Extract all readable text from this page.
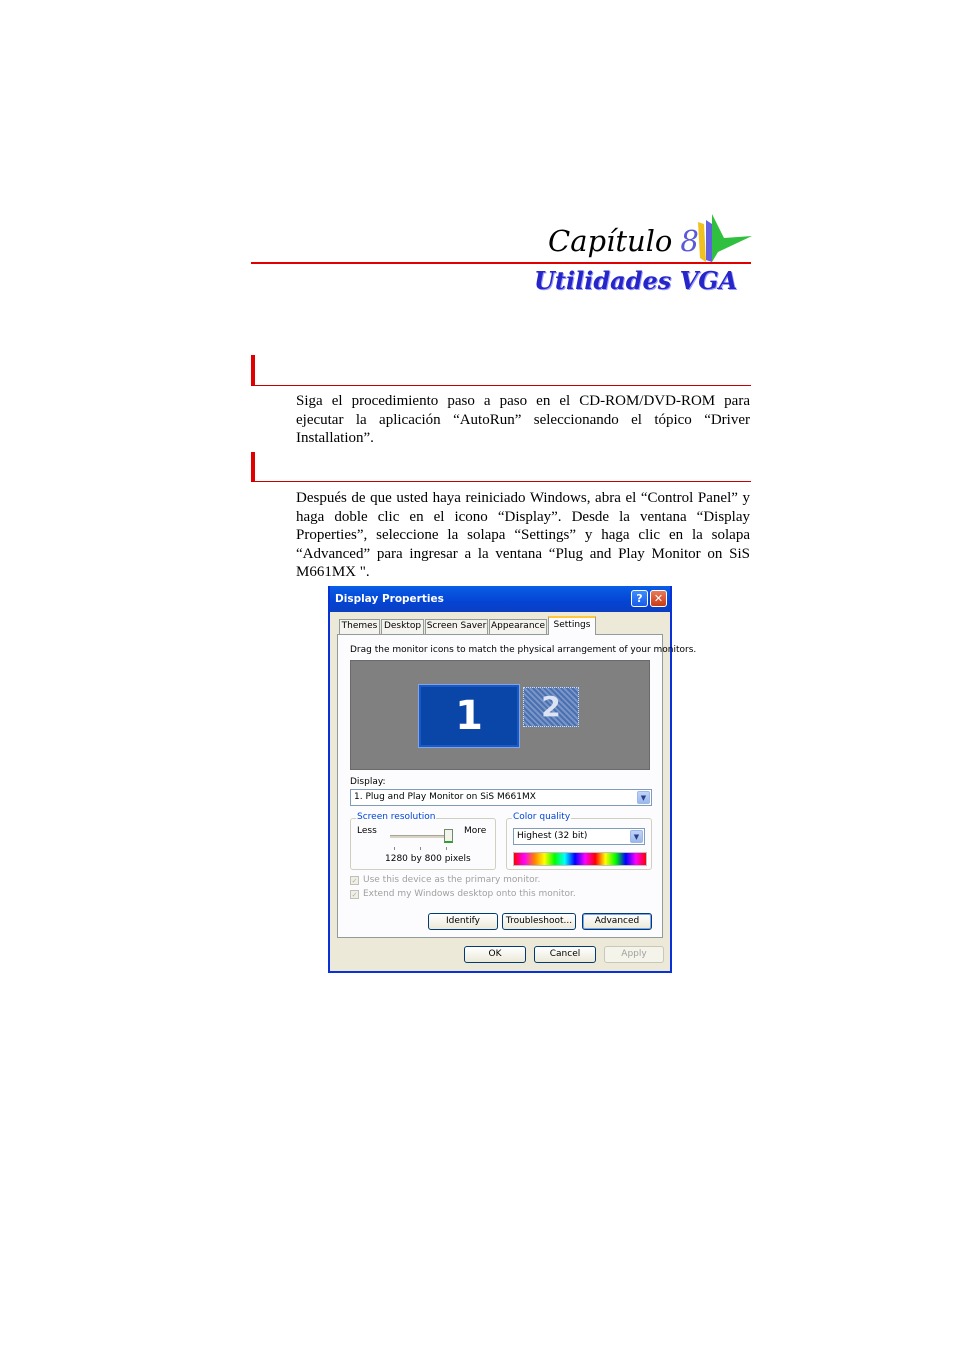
Capítulo 8
Utilidades VGA
Siga el procedimiento paso a paso en el CD-ROM/DVD-ROM para ejecutar la aplicación “AutoRun” seleccionando el tópico “Driver Installation”.
Después de que usted haya reiniciado Windows, abra el “Control Panel” y haga doble clic en el icono “Display”. Desde la ventana “Display Properties”, seleccione la solapa “Settings” y haga clic en la solapa “Advanced” para ingresar a la ventana “Plug and Play Monitor on SiS M661MX ".
Display Properties	?	✕
Themes Desktop Screen Saver Appearance Settings
Drag the monitor icons to match the physical arrangement of your monitors.
1	2
Display:
1. Plug and Play Monitor on SiS M661MX	▼
Screen resolution
Less	More
1280 by 800 pixels
Color quality
Highest (32 bit)	▼
✓ Use this device as the primary monitor.
✓ Extend my Windows desktop onto this monitor.
Identify	Troubleshoot...	Advanced
OK	Cancel	Apply
